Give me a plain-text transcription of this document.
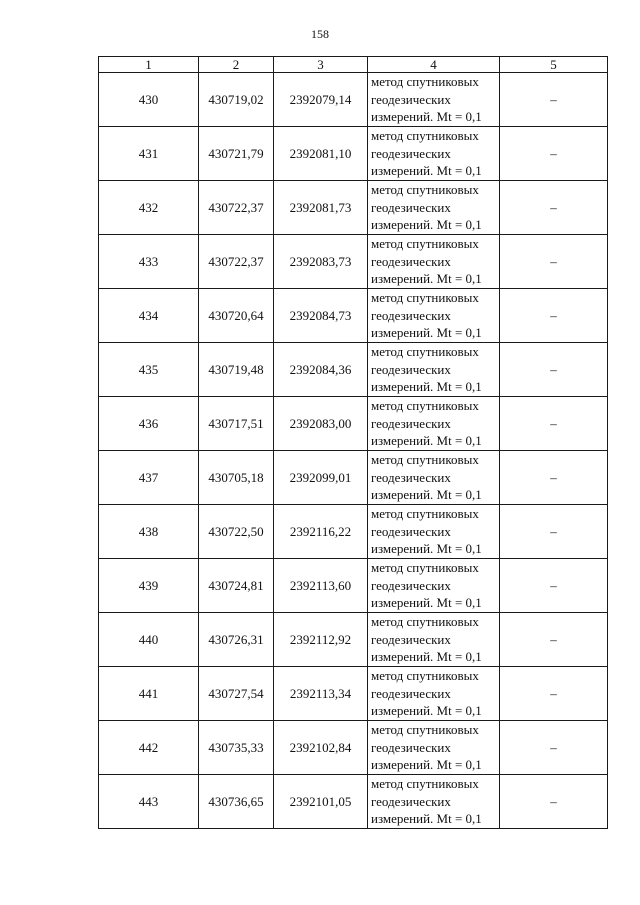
158
1	2	3	4	5
430	430719,02	2392079,14	метод спутниковых
геодезических
измерений. Mt = 0,1	–
431	430721,79	2392081,10	метод спутниковых
геодезических
измерений. Mt = 0,1	–
432	430722,37	2392081,73	метод спутниковых
геодезических
измерений. Mt = 0,1	–
433	430722,37	2392083,73	метод спутниковых
геодезических
измерений. Mt = 0,1	–
434	430720,64	2392084,73	метод спутниковых
геодезических
измерений. Mt = 0,1	–
435	430719,48	2392084,36	метод спутниковых
геодезических
измерений. Mt = 0,1	–
436	430717,51	2392083,00	метод спутниковых
геодезических
измерений. Mt = 0,1	–
437	430705,18	2392099,01	метод спутниковых
геодезических
измерений. Mt = 0,1	–
438	430722,50	2392116,22	метод спутниковых
геодезических
измерений. Mt = 0,1	–
439	430724,81	2392113,60	метод спутниковых
геодезических
измерений. Mt = 0,1	–
440	430726,31	2392112,92	метод спутниковых
геодезических
измерений. Mt = 0,1	–
441	430727,54	2392113,34	метод спутниковых
геодезических
измерений. Mt = 0,1	–
442	430735,33	2392102,84	метод спутниковых
геодезических
измерений. Mt = 0,1	–
443	430736,65	2392101,05	метод спутниковых
геодезических
измерений. Mt = 0,1	–
